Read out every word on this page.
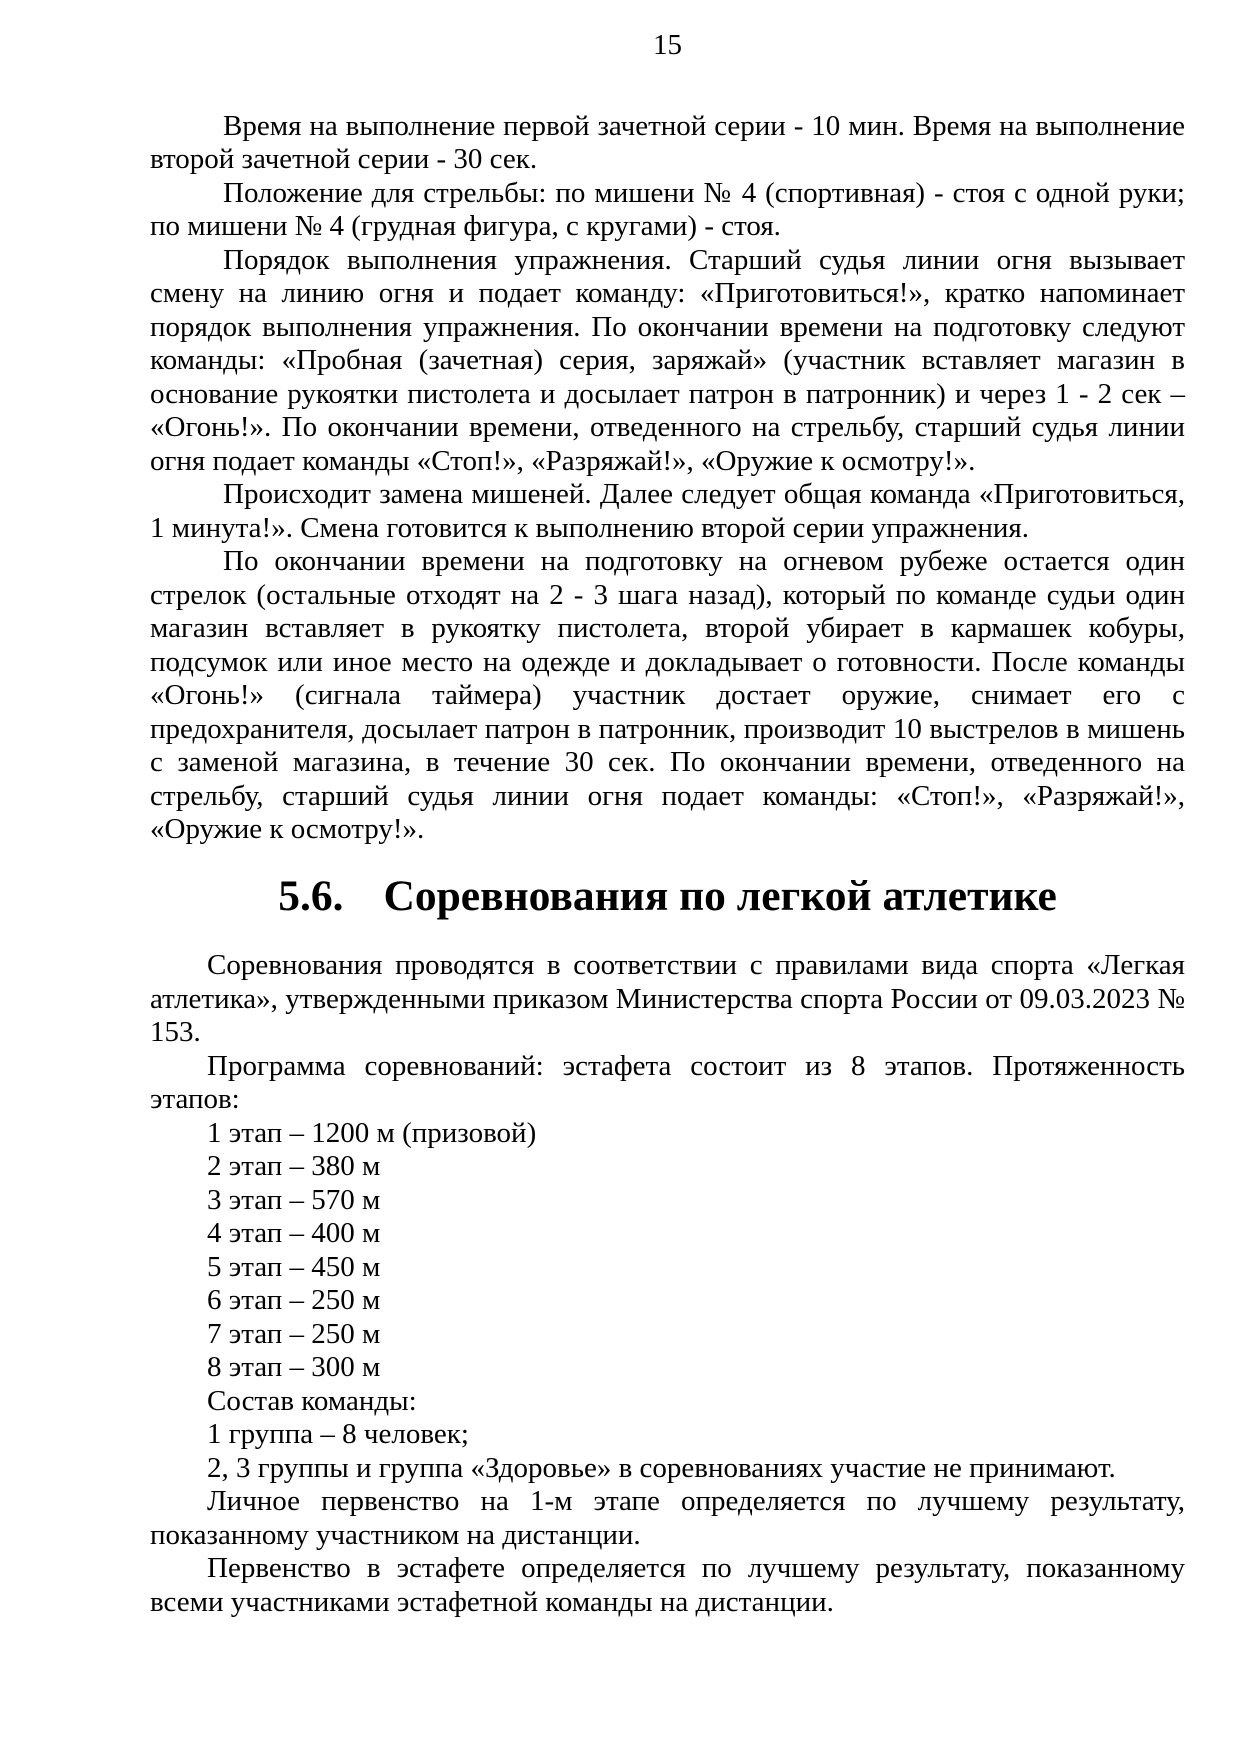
15

Время на выполнение первой зачетной серии - 10 мин. Время на выполнение второй зачетной серии - 30 сек.

Положение для стрельбы: по мишени № 4 (спортивная) - стоя с одной руки; по мишени № 4 (грудная фигура, с кругами) - стоя.

Порядок выполнения упражнения. Старший судья линии огня вызывает смену на линию огня и подает команду: «Приготовиться!», кратко напоминает порядок выполнения упражнения. По окончании времени на подготовку следуют команды: «Пробная (зачетная) серия, заряжай» (участник вставляет магазин в основание рукоятки пистолета и досылает патрон в патронник) и через 1 - 2 сек – «Огонь!». По окончании времени, отведенного на стрельбу, старший судья линии огня подает команды «Стоп!», «Разряжай!», «Оружие к осмотру!».

Происходит замена мишеней. Далее следует общая команда «Приготовиться, 1 минута!». Смена готовится к выполнению второй серии упражнения.

По окончании времени на подготовку на огневом рубеже остается один стрелок (остальные отходят на 2 - 3 шага назад), который по команде судьи один магазин вставляет в рукоятку пистолета, второй убирает в кармашек кобуры, подсумок или иное место на одежде и докладывает о готовности. После команды «Огонь!» (сигнала таймера) участник достает оружие, снимает его с предохранителя, досылает патрон в патронник, производит 10 выстрелов в мишень с заменой магазина, в течение 30 сек. По окончании времени, отведенного на стрельбу, старший судья линии огня подает команды: «Стоп!», «Разряжай!», «Оружие к осмотру!».

5.6. Соревнования по легкой атлетике

Соревнования проводятся в соответствии с правилами вида спорта «Легкая атлетика», утвержденными приказом Министерства спорта России от 09.03.2023 № 153.

Программа соревнований: эстафета состоит из 8 этапов. Протяженность этапов:

1 этап – 1200 м (призовой)

2 этап – 380 м

3 этап – 570 м

4 этап – 400 м

5 этап – 450 м

6 этап – 250 м

7 этап – 250 м

8 этап – 300 м

Состав команды:

1 группа – 8 человек;

2, 3 группы и группа «Здоровье» в соревнованиях участие не принимают.

Личное первенство на 1-м этапе определяется по лучшему результату, показанному участником на дистанции.

Первенство в эстафете определяется по лучшему результату, показанному всеми участниками эстафетной команды на дистанции.
